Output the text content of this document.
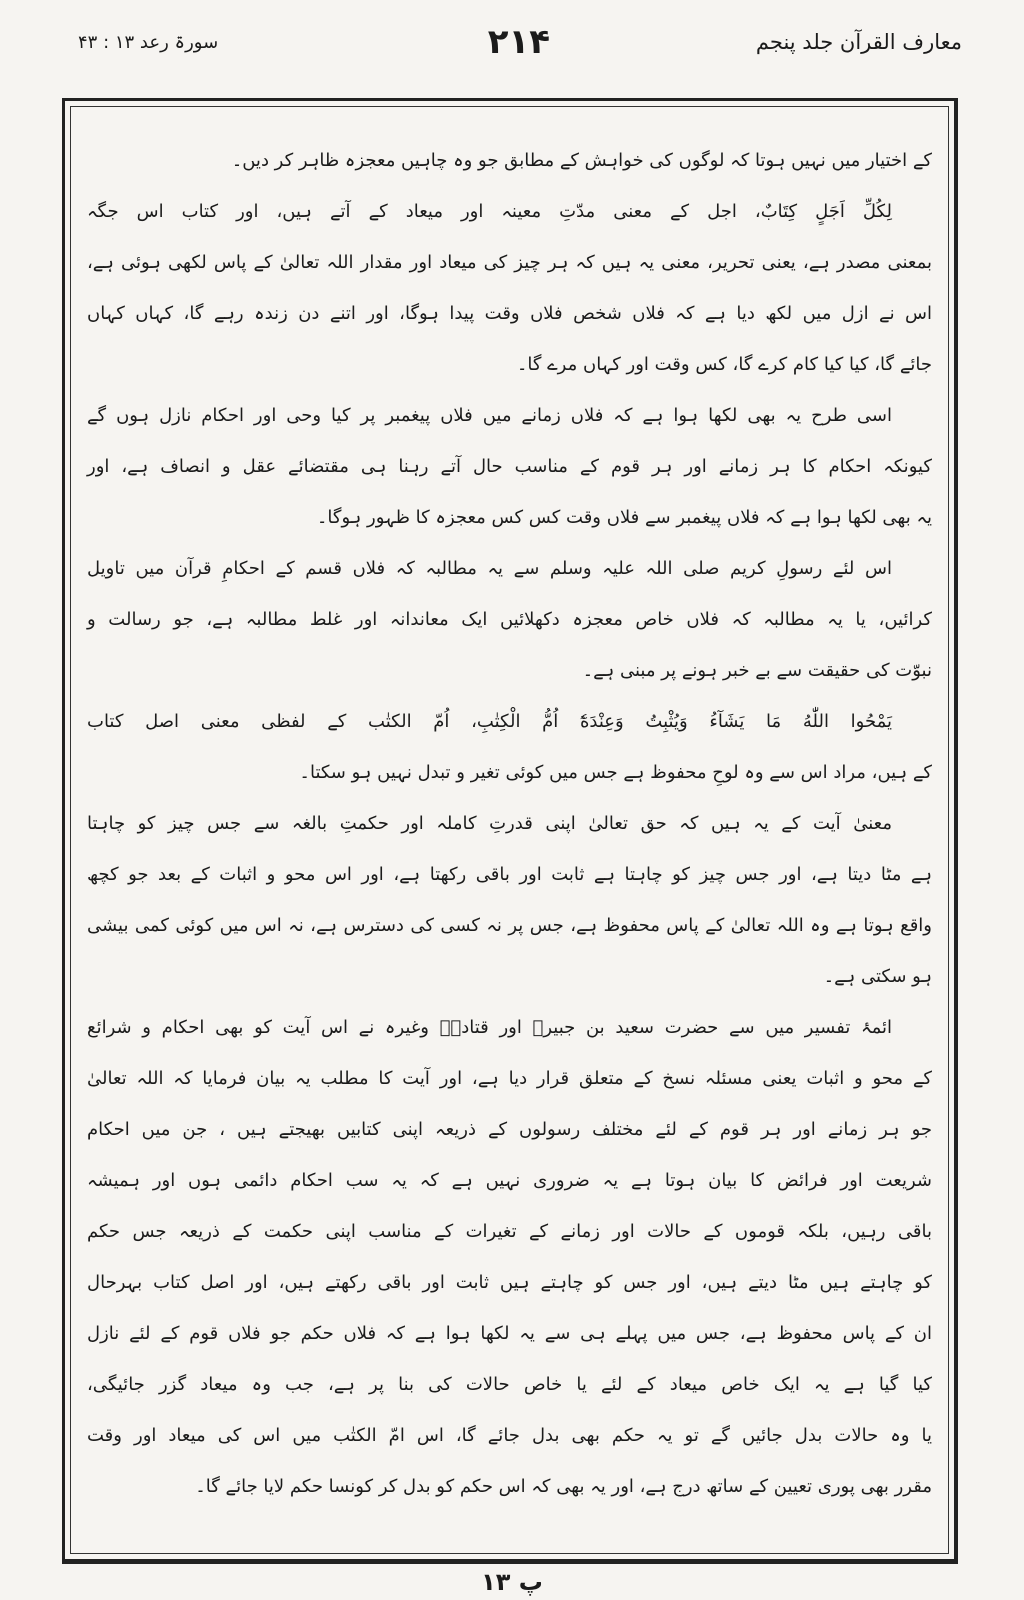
معارف القرآن جلد پنجم
۲۱۴
سورۃ رعد ۱۳ : ۴۳
کے اختیار میں نہیں ہوتا کہ لوگوں کی خواہش کے مطابق جو وہ چاہیں معجزہ ظاہر کر دیں۔
لِكُلِّ اَجَلٍ كِتَابٌ، اجل کے معنی مدّتِ معینہ اور میعاد کے آتے ہیں، اور کتاب اس جگہ
بمعنی مصدر ہے، یعنی تحریر، معنی یہ ہیں کہ ہر چیز کی میعاد اور مقدار اللہ تعالیٰ کے پاس لکھی ہوئی ہے،
اس نے ازل میں لکھ دیا ہے کہ فلاں شخص فلاں وقت پیدا ہوگا، اور اتنے دن زندہ رہے گا، کہاں کہاں
جائے گا، کیا کیا کام کرے گا، کس وقت اور کہاں مرے گا۔
اسی طرح یہ بھی لکھا ہوا ہے کہ فلاں زمانے میں فلاں پیغمبر پر کیا وحی اور احکام نازل ہوں گے
کیونکہ احکام کا ہر زمانے اور ہر قوم کے مناسب حال آتے رہنا ہی مقتضائے عقل و انصاف ہے، اور
یہ بھی لکھا ہوا ہے کہ فلاں پیغمبر سے فلاں وقت کس کس معجزہ کا ظہور ہوگا۔
اس لئے رسولِ کریم صلی اللہ علیہ وسلم سے یہ مطالبہ کہ فلاں قسم کے احکامِ قرآن میں تاویل
کرائیں، یا یہ مطالبہ کہ فلاں خاص معجزہ دکھلائیں ایک معاندانہ اور غلط مطالبہ ہے، جو رسالت و
نبوّت کی حقیقت سے بے خبر ہونے پر مبنی ہے۔
يَمْحُوا اللّٰهُ مَا يَشَآءُ وَيُثْبِتُ وَعِنْدَهٗٓ اُمُّ الْكِتٰبِ، اُمّ الکتٰب کے لفظی معنی اصل کتاب
کے ہیں، مراد اس سے وہ لوحِ محفوظ ہے جس میں کوئی تغیر و تبدل نہیں ہو سکتا۔
معنیٰ آیت کے یہ ہیں کہ حق تعالیٰ اپنی قدرتِ کاملہ اور حکمتِ بالغہ سے جس چیز کو چاہتا
ہے مٹا دیتا ہے، اور جس چیز کو چاہتا ہے ثابت اور باقی رکھتا ہے، اور اس محو و اثبات کے بعد جو کچھ
واقع ہوتا ہے وہ اللہ تعالیٰ کے پاس محفوظ ہے، جس پر نہ کسی کی دسترس ہے، نہ اس میں کوئی کمی بیشی
ہو سکتی ہے۔
ائمۂ تفسیر میں سے حضرت سعید بن جبیرؓ اور قتادہؒ وغیرہ نے اس آیت کو بھی احکام و شرائع
کے محو و اثبات یعنی مسئلہ نسخ کے متعلق قرار دیا ہے، اور آیت کا مطلب یہ بیان فرمایا کہ اللہ تعالیٰ
جو ہر زمانے اور ہر قوم کے لئے مختلف رسولوں کے ذریعہ اپنی کتابیں بھیجتے ہیں ، جن میں احکام
شریعت اور فرائض کا بیان ہوتا ہے یہ ضروری نہیں ہے کہ یہ سب احکام دائمی ہوں اور ہمیشہ
باقی رہیں، بلکہ قوموں کے حالات اور زمانے کے تغیرات کے مناسب اپنی حکمت کے ذریعہ جس حکم
کو چاہتے ہیں مٹا دیتے ہیں، اور جس کو چاہتے ہیں ثابت اور باقی رکھتے ہیں، اور اصل کتاب بہرحال
ان کے پاس محفوظ ہے، جس میں پہلے ہی سے یہ لکھا ہوا ہے کہ فلاں حکم جو فلاں قوم کے لئے نازل
کیا گیا ہے یہ ایک خاص میعاد کے لئے یا خاص حالات کی بنا پر ہے، جب وہ میعاد گزر جائیگی،
یا وہ حالات بدل جائیں گے تو یہ حکم بھی بدل جائے گا، اس امّ الکتٰب میں اس کی میعاد اور وقت
مقرر بھی پوری تعیین کے ساتھ درج ہے، اور یہ بھی کہ اس حکم کو بدل کر کونسا حکم لایا جائے گا۔
پ ۱۳
